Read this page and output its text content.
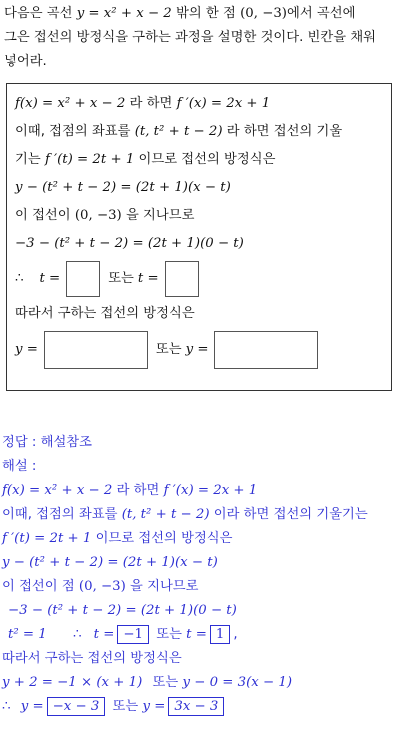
다음은 곡선 y = x² + x − 2 밖의 한 점 (0, −3)에서 곡선에
그은 접선의 방정식을 구하는 과정을 설명한 것이다. 빈칸을 채워
넣어라.
f(x) = x² + x − 2 라 하면 f ′(x) = 2x + 1
이때, 접점의 좌표를 (t, t² + t − 2) 라 하면 접선의 기울
기는 f ′(t) = 2t + 1 이므로 접선의 방정식은
y − (t² + t − 2) = (2t + 1)(x − t)
이 접선이 (0, −3) 을 지나므로
−3 − (t² + t − 2) = (2t + 1)(0 − t)
∴ t =	또는 t =
따라서 구하는 접선의 방정식은
y =	또는 y =
정답 : 해설참조
해설 :
f(x) = x² + x − 2 라 하면 f ′(x) = 2x + 1
이때, 접점의 좌표를 (t, t² + t − 2) 이라 하면 접선의 기울기는
f ′(t) = 2t + 1 이므로 접선의 방정식은
y − (t² + t − 2) = (2t + 1)(x − t)
이 접선이 점 (0, −3) 을 지나므로
−3 − (t² + t − 2) = (2t + 1)(0 − t)
t² = 1 ∴ t = −1 또는 t = 1 ,
따라서 구하는 접선의 방정식은
y + 2 = −1 × (x + 1) 또는 y − 0 = 3(x − 1)
∴ y = −x − 3 또는 y = 3x − 3
